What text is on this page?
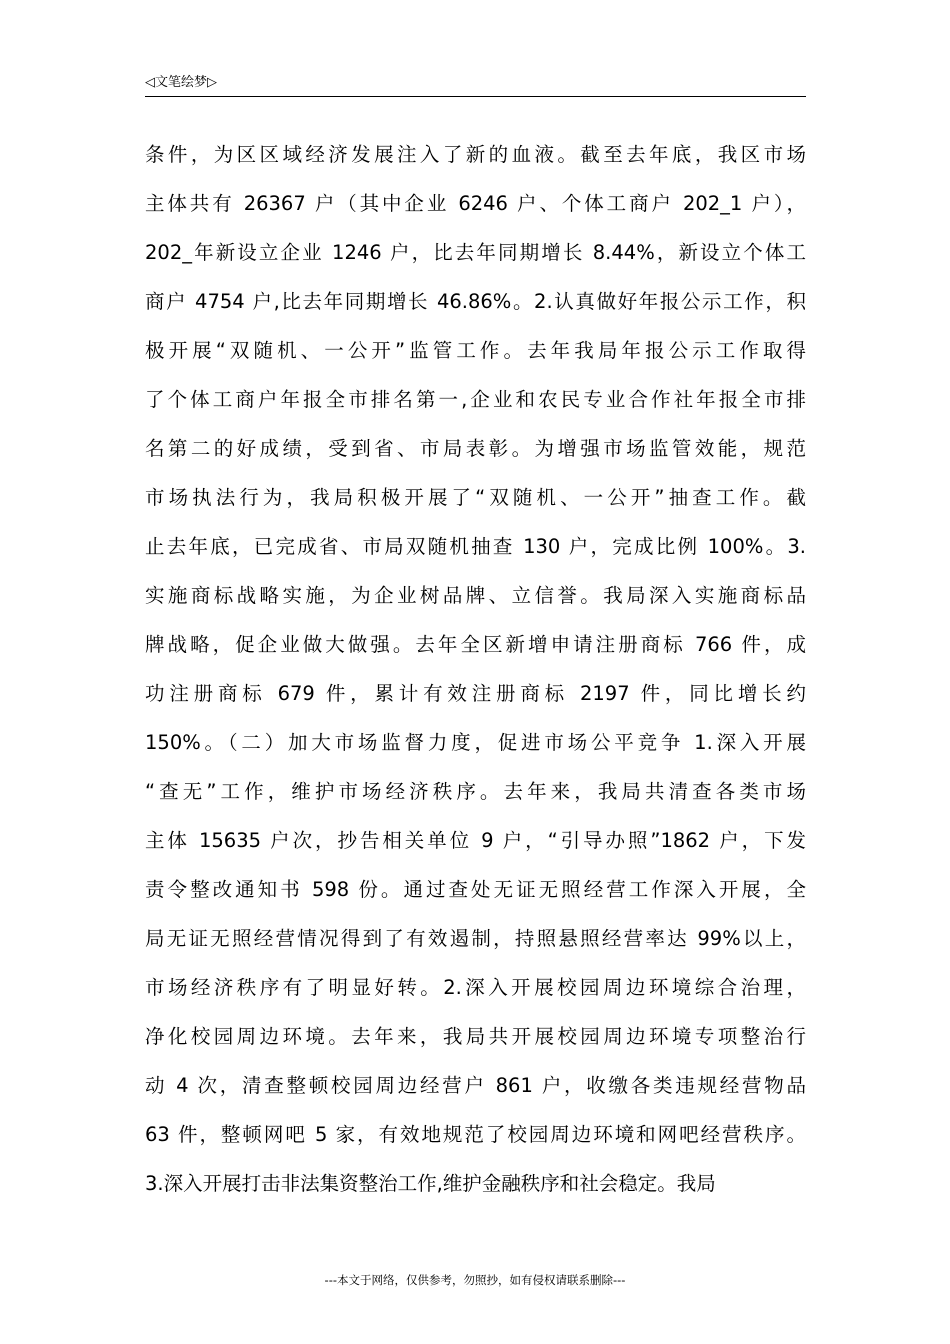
◁文笔绘梦▷
条件，为区区域经济发展注入了新的血液。截至去年底，我区市场
主体共有 26367 户（其中企业 6246 户、个体工商户 202_1 户），
202_年新设立企业 1246 户，比去年同期增长 8.44%，新设立个体工
商户 4754 户,比去年同期增长 46.86%。2.认真做好年报公示工作，积
极开展“双随机、一公开”监管工作。去年我局年报公示工作取得
了个体工商户年报全市排名第一,企业和农民专业合作社年报全市排
名第二的好成绩，受到省、市局表彰。为增强市场监管效能，规范
市场执法行为，我局积极开展了“双随机、一公开”抽查工作。截
止去年底，已完成省、市局双随机抽查 130 户，完成比例 100%。3.
实施商标战略实施，为企业树品牌、立信誉。我局深入实施商标品
牌战略，促企业做大做强。去年全区新增申请注册商标 766 件，成
功注册商标 679 件，累计有效注册商标 2197 件，同比增长约
150%。（二）加大市场监督力度，促进市场公平竞争 1.深入开展
“查无”工作，维护市场经济秩序。去年来，我局共清查各类市场
主体 15635 户次，抄告相关单位 9 户，“引导办照”1862 户，下发
责令整改通知书 598 份。通过查处无证无照经营工作深入开展，全
局无证无照经营情况得到了有效遏制，持照悬照经营率达 99%以上，
市场经济秩序有了明显好转。2.深入开展校园周边环境综合治理，
净化校园周边环境。去年来，我局共开展校园周边环境专项整治行
动 4 次，清查整顿校园周边经营户 861 户，收缴各类违规经营物品
63 件，整顿网吧 5 家，有效地规范了校园周边环境和网吧经营秩序。
3.深入开展打击非法集资整治工作,维护金融秩序和社会稳定。我局
---本文于网络，仅供参考，勿照抄，如有侵权请联系删除---
